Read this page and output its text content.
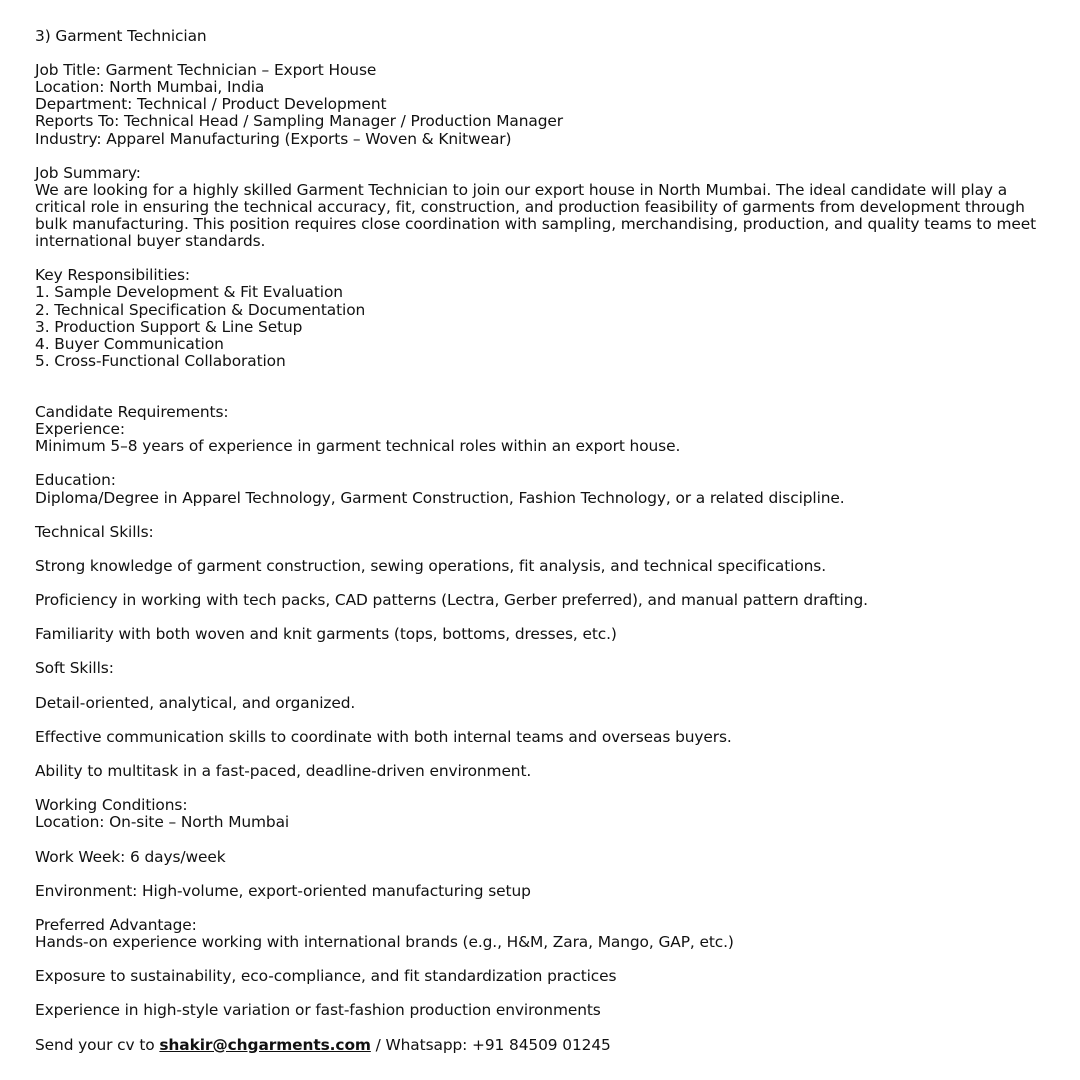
3) Garment Technician
Job Title: Garment Technician – Export House
Location: North Mumbai, India
Department: Technical / Product Development
Reports To: Technical Head / Sampling Manager / Production Manager
Industry: Apparel Manufacturing (Exports – Woven & Knitwear)
Job Summary:
We are looking for a highly skilled Garment Technician to join our export house in North Mumbai. The ideal candidate will play a critical role in ensuring the technical accuracy, fit, construction, and production feasibility of garments from development through bulk manufacturing. This position requires close coordination with sampling, merchandising, production, and quality teams to meet international buyer standards.
Key Responsibilities:
1. Sample Development & Fit Evaluation
2. Technical Specification & Documentation
3. Production Support & Line Setup
4. Buyer Communication
5. Cross-Functional Collaboration
Candidate Requirements:
Experience:
Minimum 5–8 years of experience in garment technical roles within an export house.
Education:
Diploma/Degree in Apparel Technology, Garment Construction, Fashion Technology, or a related discipline.
Technical Skills:
Strong knowledge of garment construction, sewing operations, fit analysis, and technical specifications.
Proficiency in working with tech packs, CAD patterns (Lectra, Gerber preferred), and manual pattern drafting.
Familiarity with both woven and knit garments (tops, bottoms, dresses, etc.)
Soft Skills:
Detail-oriented, analytical, and organized.
Effective communication skills to coordinate with both internal teams and overseas buyers.
Ability to multitask in a fast-paced, deadline-driven environment.
Working Conditions:
Location: On-site – North Mumbai
Work Week: 6 days/week
Environment: High-volume, export-oriented manufacturing setup
Preferred Advantage:
Hands-on experience working with international brands (e.g., H&M, Zara, Mango, GAP, etc.)
Exposure to sustainability, eco-compliance, and fit standardization practices
Experience in high-style variation or fast-fashion production environments
Send your cv to shakir@chgarments.com / Whatsapp: +91 84509 01245
